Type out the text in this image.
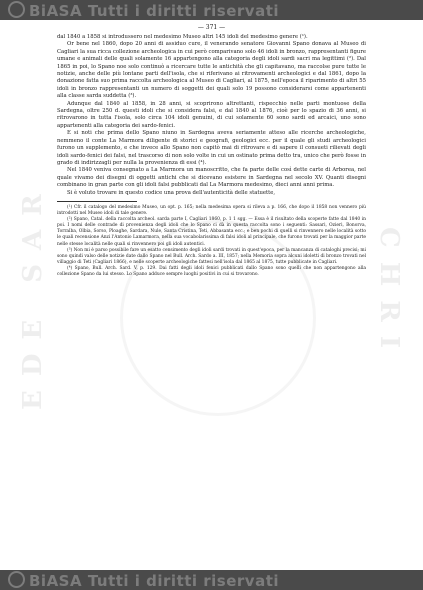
BiASA Tutti i diritti riservati
EDE SAR	CHRI
— 371 —

dal 1840 a 1858 si introdussero nel medesimo Museo altri 145 idoli del medesimo genere (¹).

Or bene nel 1860, dopo 20 anni di assiduo cure, il venerando senatore Giovanni Spano donava al Museo di Cagliari la sua ricca collezione archeologica in cui però comparivano solo 46 idoli in bronzo, rappresentanti figure umane e animali delle quali solamente 16 appartengono alla categoria degli idoli sardi sacri ma legittimi (²). Dal 1865 in poi, lo Spano noe solo continuò a ricercare tutte le antichità che gli capitavano, ma raccolse pure tutte le notizie, anche delle più lontane parti dell'isola, che si riferivano ai ritrovamenti archeologici e dal 1861, dopo la donazione fatta suo prima raccolta archeologica al Museo di Cagliari, al 1875, nell'epoca il riparimento di altri 55 idoli in bronzo rappresentanti un numero di soggetti dei quali solo 19 possono considerarsi come appartenenti alla classe sarda suddetta (³).

Adunque dal 1840 al 1858, in 28 anni, si scoprirono altrettanti, rispecchio nelle parti montuose della Sardegna, oltre 250 d. questi idoli che si considera falsi, e dal 1840 al 1876, cioè per lo spazio di 36 anni, si ritrovarono in tutta l'isola, solo circa 104 idoli genuini, di cui solamente 60 sono sardi ed arcaici, uno sono appartenenti alla categoria dei sardo-fenici.

E si noti che prima dello Spano niuno in Sardegna aveva seriamente atteso alle ricerche archeologiche, nemmeno il conte La Marmora diligente di storici e geografi, geologici ecc. per il quale gli studi archeologici furono un supplemento, e che invece allo Spano non capitò mai di ritrovare e di sapere il consueti rilievati degli idoli sardo-fenici dei falsi, nel trascorso di non solo volte in cui un ostinato prima detto tra, unico che però fosse in grado di indirizzagli per nulla la provenienza di essi (⁴).

Nel 1840 veniva consegnato a La Marmora un manoscritto, che fa parte delle così dette carte di Arborea, nel quale vivamo dei disegni di oggetti antichi che si dicevano esistere in Sardegna nel secolo XV. Quanti disegni combinano in gran parte con gli idoli falsi pubblicati dal La Marmora medesimo, dieci anni anni prima.

Si è voluto trovare in questo codice una prova dell'autenticità delle statuette,

(¹) Cfr. il catalogo del medesimo Museo, un opt. p. 165; nella medesima opera si rileva a p. 166, che dopo il 1858 non vennero più introdotti nel Museo idoli di tale genere.

(²) Spano, Catal. della raccolta archeol. sarda parte I, Cagliari 1860, p. 1 1 sgg. — Essa è il risultato della scoperte fatte dal 1840 in poi. I nomi delle contrade di provenienza degli idoli che lo Spano ci dà in questa raccolta sono i seguenti: Sassari, Ozieri, Bonorva, Torralba, Olbia, Sorso, Ploaghe, Sardara, Nule, Santa Cristina, Teti, Abbasanta ecc.; e ben pochi di quelli si rinvennero nelle località sotto le quali recensione Anzi l'Antonio Lamarmora, nella sua vocabolarissima di falsi idoli al principale, che furono trovati per la maggior parte nelle stesse località nelle quali si rinvennero poi gli idoli autentici.

(³) Non mi è parso possibile fare un esatto censimento degli idoli sardi trovati in quest'epoca, per la mancanza di cataloghi precisi; mi sono quindi valso delle notizie date dallo Spano nel Bull. Arch. Sardo a. III, 1857; nella Memoria sopra alcuni idoletti di bronzo trovati nel villaggio di Teti (Cagliari 1866), e nelle scoperte archeologiche fattesi nell'isola dal 1865 al 1875, tutte pubblicate in Cagliari.

(⁴) Spano, Bull. Arch. Sard. V, p. 129. Dai fatti degli idoli fenici pubblicati dallo Spano sono quelli che non appartengono alla collezione Spano da lui stesso. Lo Spano adduce sempre luoghi positivi in cui si trovarono.

BiASA Tutti i diritti riservati
